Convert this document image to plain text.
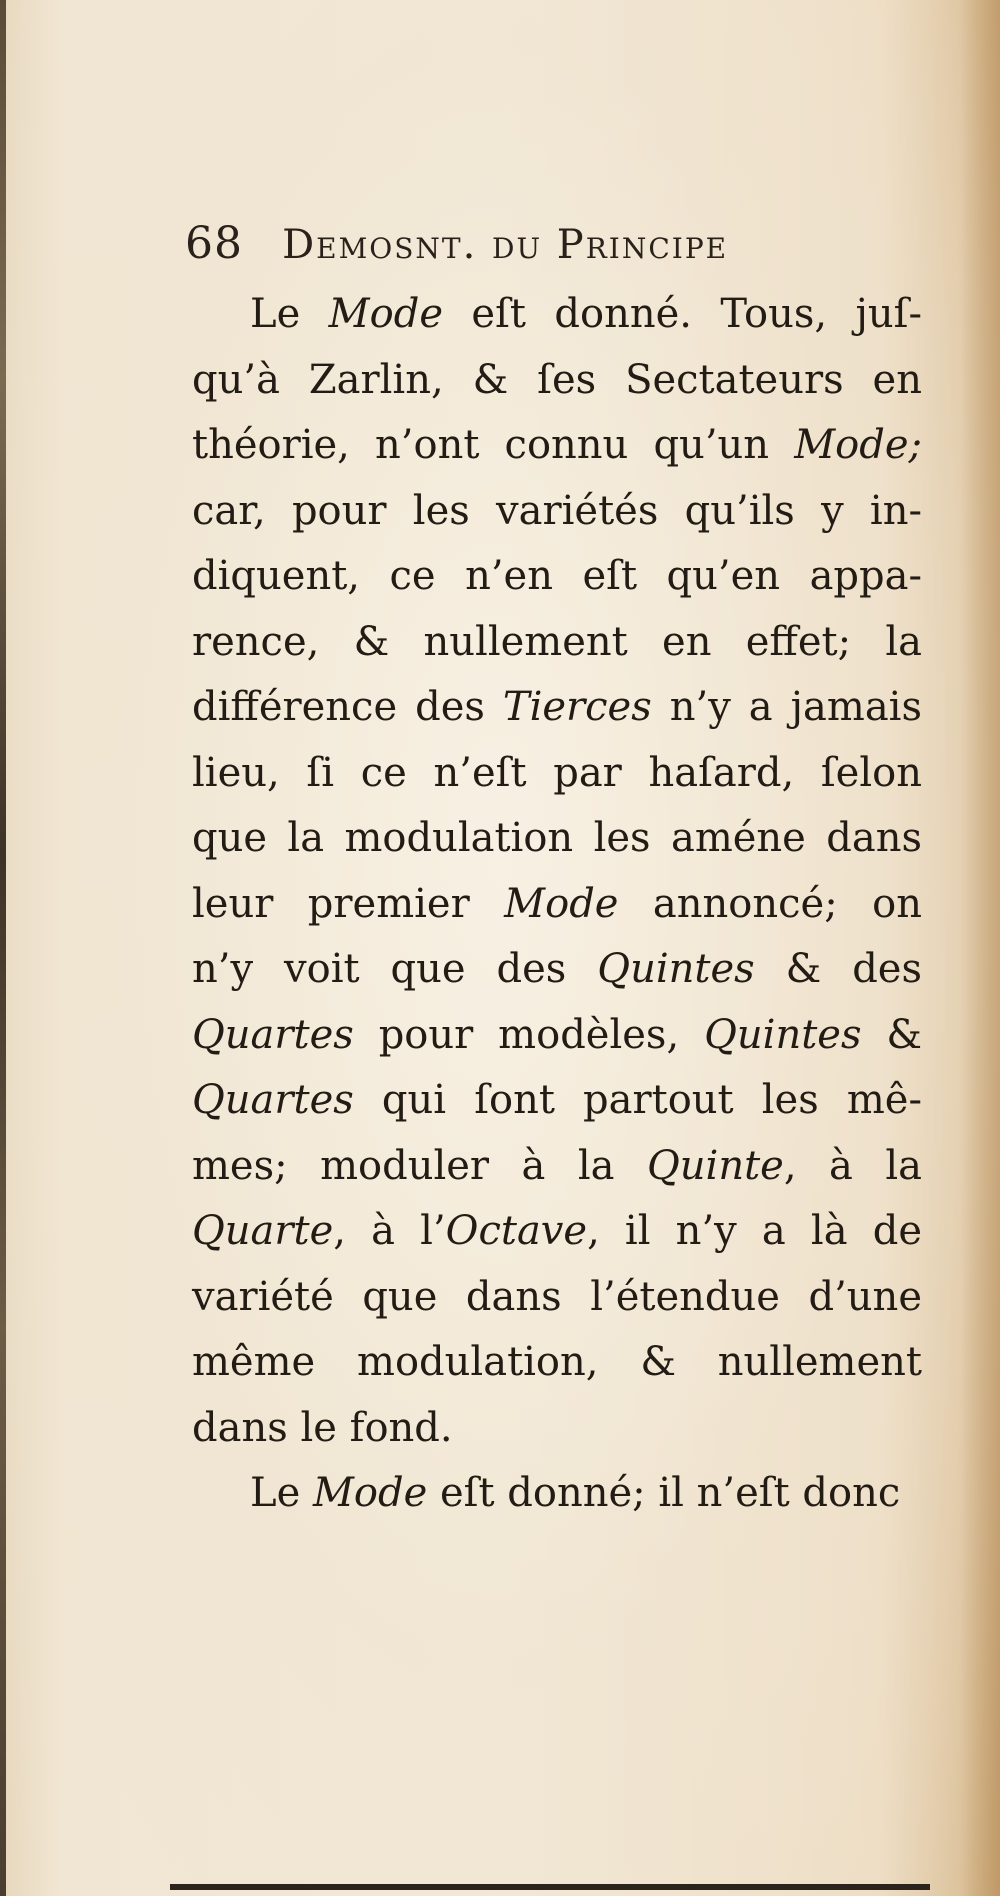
68 Demosnt. du Principe
Le Mode eſt donné. Tous, juſ-
qu’à Zarlin, & ſes Sectateurs en
théorie, n’ont connu qu’un Mode;
car, pour les variétés qu’ils y in-
diquent, ce n’en eſt qu’en appa-
rence, & nullement en effet; la
différence des Tierces n’y a jamais
lieu, ſi ce n’eſt par haſard, ſelon
que la modulation les améne dans
leur premier Mode annoncé; on
n’y voit que des Quintes & des
Quartes pour modèles, Quintes &
Quartes qui ſont partout les mê-
mes; moduler à la Quinte, à la
Quarte, à l’Octave, il n’y a là de
variété que dans l’étendue d’une
même modulation, & nullement
dans le fond.
Le Mode eſt donné; il n’eſt donc
